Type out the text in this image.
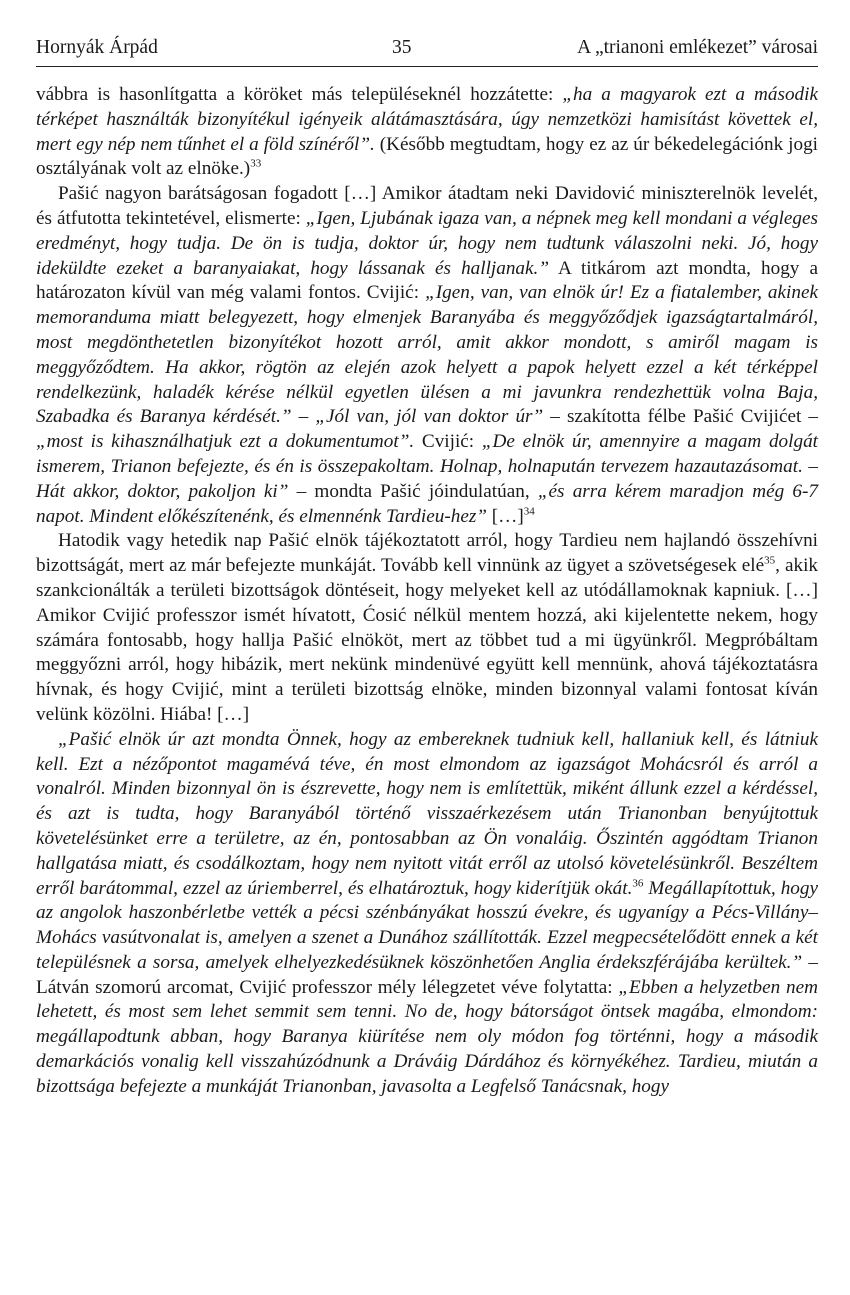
Hornyák Árpád	35	A „trianoni emlékezet” városai

vábbra is hasonlítgatta a köröket más településeknél hozzátette: „ha a magyarok ezt a második térképet használták bizonyítékul igényeik alátámasztására, úgy nemzetközi hamisítást követtek el, mert egy nép nem tűnhet el a föld színéről”. (Később megtudtam, hogy ez az úr békedelegációnk jogi osztályának volt az elnöke.)$^{33}$

Pašić nagyon barátságosan fogadott […] Amikor átadtam neki Davidović miniszterelnök levelét, és átfutotta tekintetével, elismerte: „Igen, Ljubának igaza van, a népnek meg kell mondani a végleges eredményt, hogy tudja. De ön is tudja, doktor úr, hogy nem tudtunk válaszolni neki. Jó, hogy ideküldte ezeket a baranyaiakat, hogy lássanak és halljanak.” A titkárom azt mondta, hogy a határozaton kívül van még valami fontos. Cvijić: „Igen, van, van elnök úr! Ez a fiatalember, akinek memoranduma miatt belegyezett, hogy elmenjek Baranyába és meggyőződjek igazságtartalmáról, most megdönthetetlen bizonyítékot hozott arról, amit akkor mondott, s amiről magam is meggyőződtem. Ha akkor, rögtön az elején azok helyett a papok helyett ezzel a két térképpel rendelkezünk, haladék kérése nélkül egyetlen ülésen a mi javunkra rendezhettük volna Baja, Szabadka és Baranya kérdését.” – „Jól van, jól van doktor úr” – szakította félbe Pašić Cvijićet – „most is kihasználhatjuk ezt a dokumentumot”. Cvijić: „De elnök úr, amennyire a magam dolgát ismerem, Trianon befejezte, és én is összepakoltam. Holnap, holnapután tervezem hazautazásomat. – Hát akkor, doktor, pakoljon ki” – mondta Pašić jóindulatúan, „és arra kérem maradjon még 6-7 napot. Mindent előkészítenénk, és elmennénk Tardieu-hez” […]$^{34}$

Hatodik vagy hetedik nap Pašić elnök tájékoztatott arról, hogy Tardieu nem hajlandó összehívni bizottságát, mert az már befejezte munkáját. Tovább kell vinnünk az ügyet a szövetségesek elé$^{35}$, akik szankcionálták a területi bizottságok döntéseit, hogy melyeket kell az utódállamoknak kapniuk. […] Amikor Cvijić professzor ismét hívatott, Ćosić nélkül mentem hozzá, aki kijelentette nekem, hogy számára fontosabb, hogy hallja Pašić elnököt, mert az többet tud a mi ügyünkről. Megpróbáltam meggyőzni arról, hogy hibázik, mert nekünk mindenüvé együtt kell mennünk, ahová tájékoztatásra hívnak, és hogy Cvijić, mint a területi bizottság elnöke, minden bizonnyal valami fontosat kíván velünk közölni. Hiába! […]

„Pašić elnök úr azt mondta Önnek, hogy az embereknek tudniuk kell, hallaniuk kell, és látniuk kell. Ezt a nézőpontot magamévá téve, én most elmondom az igazságot Mohácsról és arról a vonalról. Minden bizonnyal ön is észrevette, hogy nem is említettük, miként állunk ezzel a kérdéssel, és azt is tudta, hogy Baranyából történő visszaérkezésem után Trianonban benyújtottuk követelésünket erre a területre, az én, pontosabban az Ön vonaláig. Őszintén aggódtam Trianon hallgatása miatt, és csodálkoztam, hogy nem nyitott vitát erről az utolsó követelésünkről. Beszéltem erről barátommal, ezzel az úriemberrel, és elhatároztuk, hogy kiderítjük okát.$^{36}$ Megállapítottuk, hogy az angolok haszonbérletbe vették a pécsi szénbányákat hosszú évekre, és ugyanígy a Pécs-Villány–Mohács vasútvonalat is, amelyen a szenet a Dunához szállították. Ezzel megpecsételődött ennek a két településnek a sorsa, amelyek elhelyezkedésüknek köszönhetően Anglia érdekszférájába kerültek.” – Látván szomorú arcomat, Cvijić professzor mély lélegzetet véve folytatta: „Ebben a helyzetben nem lehetett, és most sem lehet semmit sem tenni. No de, hogy bátorságot öntsek magába, elmondom: megállapodtunk abban, hogy Baranya kiürítése nem oly módon fog történni, hogy a második demarkációs vonalig kell visszahúzódnunk a Dráváig Dárdához és környékéhez. Tardieu, miután a bizottsága befejezte a munkáját Trianonban, javasolta a Legfelső Tanácsnak, hogy
